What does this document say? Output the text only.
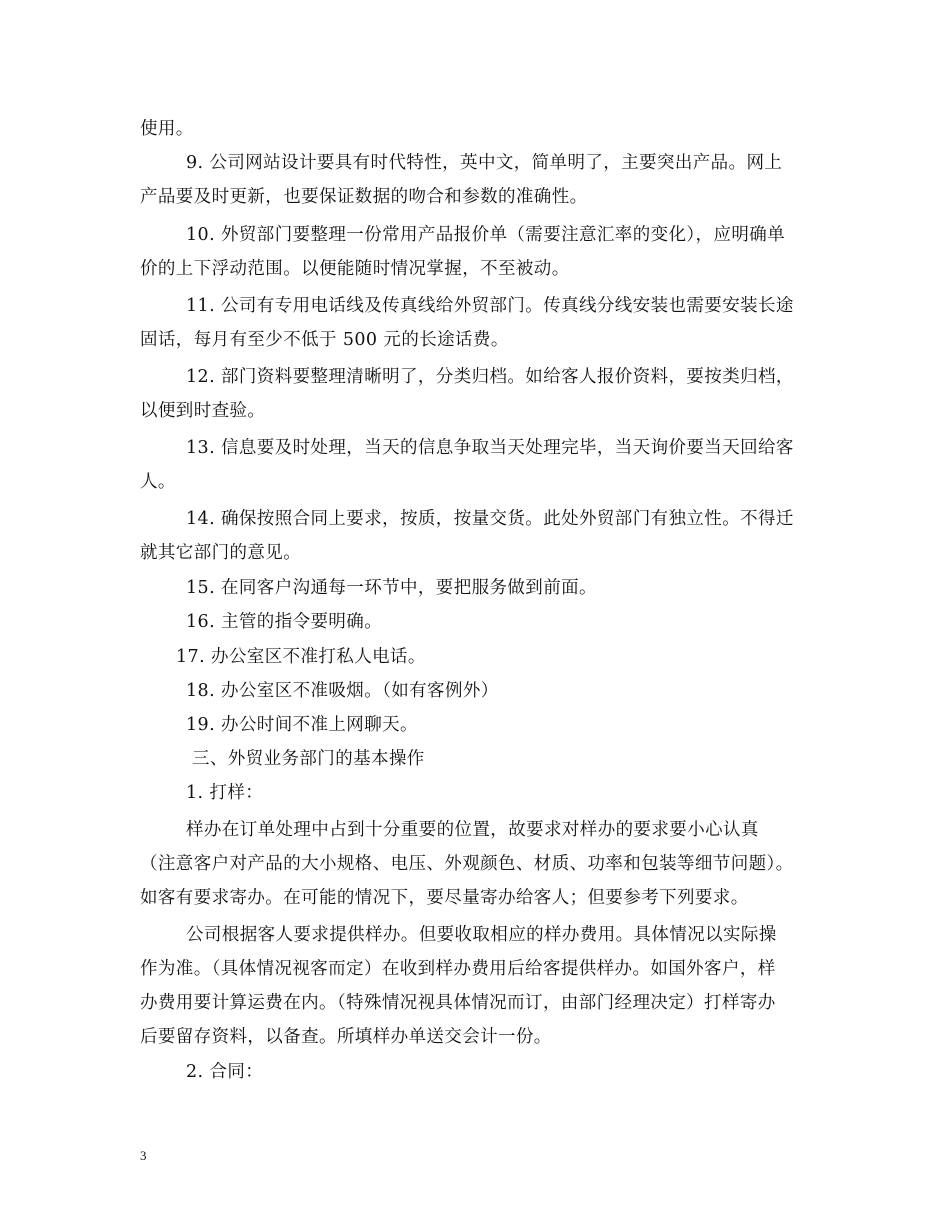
使用。
9. 公司网站设计要具有时代特性，英中文，简单明了，主要突出产品。网上
产品要及时更新，也要保证数据的吻合和参数的准确性。
10. 外贸部门要整理一份常用产品报价单（需要注意汇率的变化），应明确单
价的上下浮动范围。以便能随时情况掌握，不至被动。
11. 公司有专用电话线及传真线给外贸部门。传真线分线安装也需要安装长途
固话，每月有至少不低于 500 元的长途话费。
12. 部门资料要整理清晰明了，分类归档。如给客人报价资料，要按类归档，
以便到时查验。
13. 信息要及时处理，当天的信息争取当天处理完毕，当天询价要当天回给客
人。
14. 确保按照合同上要求，按质，按量交货。此处外贸部门有独立性。不得迁
就其它部门的意见。
15. 在同客户沟通每一环节中，要把服务做到前面。
16. 主管的指令要明确。
17. 办公室区不准打私人电话。
18. 办公室区不准吸烟。（如有客例外）
19. 办公时间不准上网聊天。
三、外贸业务部门的基本操作
1. 打样：
样办在订单处理中占到十分重要的位置，故要求对样办的要求要小心认真
（注意客户对产品的大小规格、电压、外观颜色、材质、功率和包装等细节问题）。
如客有要求寄办。在可能的情况下，要尽量寄办给客人；但要参考下列要求。
公司根据客人要求提供样办。但要收取相应的样办费用。具体情况以实际操
作为准。（具体情况视客而定）在收到样办费用后给客提供样办。如国外客户，样
办费用要计算运费在内。（特殊情况视具体情况而订，由部门经理决定）打样寄办
后要留存资料，以备查。所填样办单送交会计一份。
2. 合同：
3
